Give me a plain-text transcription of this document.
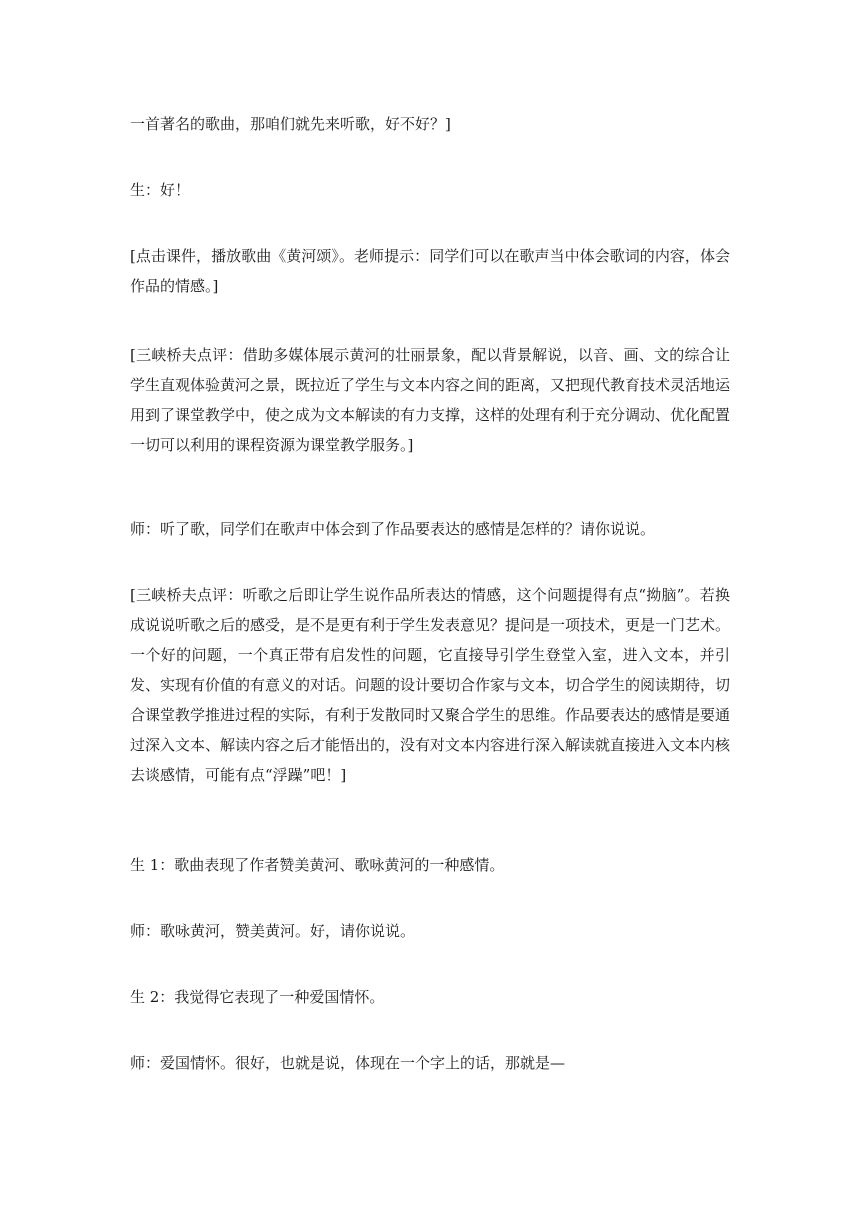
一首著名的歌曲，那咱们就先来听歌，好不好？]

生：好！

[点击课件，播放歌曲《黄河颂》。老师提示：同学们可以在歌声当中体会歌词的内容，体会作品的情感。]

[三峡桥夫点评：借助多媒体展示黄河的壮丽景象，配以背景解说，以音、画、文的综合让学生直观体验黄河之景，既拉近了学生与文本内容之间的距离，又把现代教育技术灵活地运用到了课堂教学中，使之成为文本解读的有力支撑，这样的处理有利于充分调动、优化配置一切可以利用的课程资源为课堂教学服务。]

师：听了歌，同学们在歌声中体会到了作品要表达的感情是怎样的？请你说说。

[三峡桥夫点评：听歌之后即让学生说作品所表达的情感，这个问题提得有点“拗脑”。若换成说说听歌之后的感受，是不是更有利于学生发表意见？提问是一项技术，更是一门艺术。一个好的问题，一个真正带有启发性的问题，它直接导引学生登堂入室，进入文本，并引发、实现有价值的有意义的对话。问题的设计要切合作家与文本，切合学生的阅读期待，切合课堂教学推进过程的实际，有利于发散同时又聚合学生的思维。作品要表达的感情是要通过深入文本、解读内容之后才能悟出的，没有对文本内容进行深入解读就直接进入文本内核去谈感情，可能有点“浮躁”吧！]

生 1：歌曲表现了作者赞美黄河、歌咏黄河的一种感情。

师：歌咏黄河，赞美黄河。好，请你说说。

生 2：我觉得它表现了一种爱国情怀。

师：爱国情怀。很好，也就是说，体现在一个字上的话，那就是—
